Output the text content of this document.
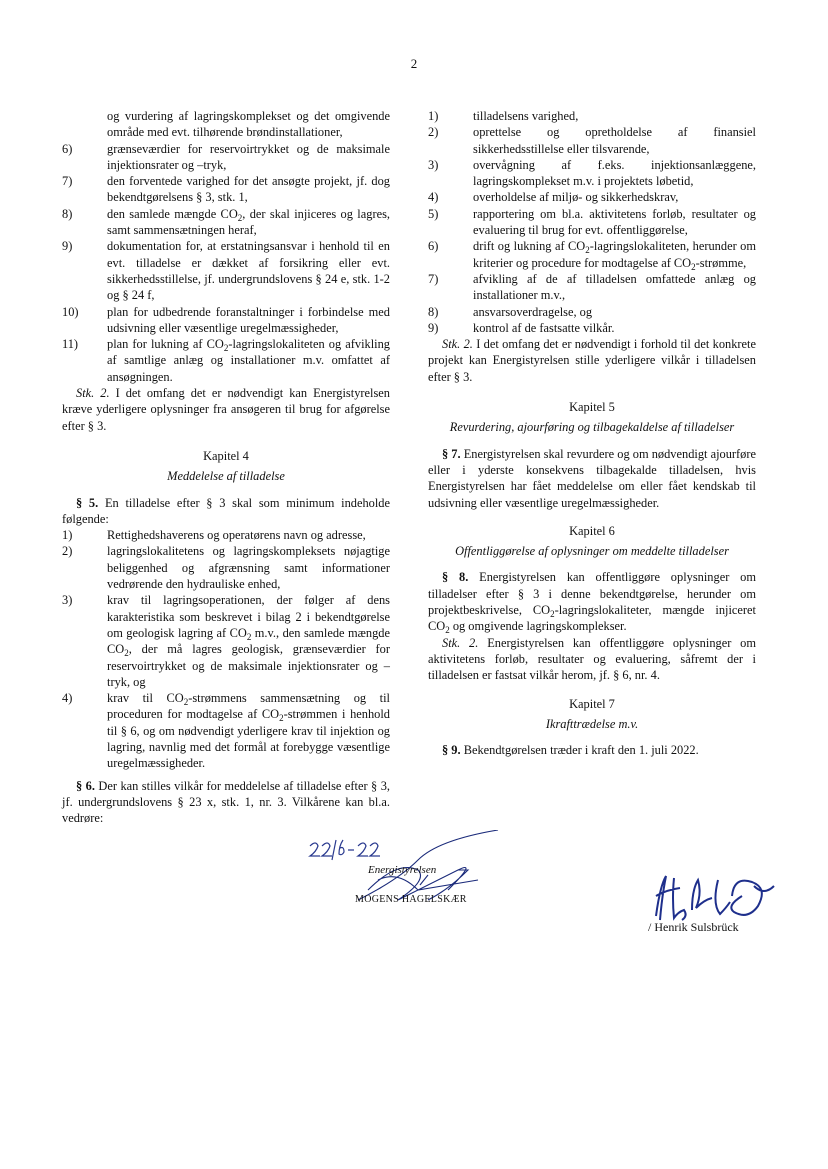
2
og vurdering af lagringskomplekset og det omgivende område med evt. tilhørende brøndinstallationer,
6)	grænseværdier for reservoirtrykket og de maksimale injektionsrater og –tryk,
7)	den forventede varighed for det ansøgte projekt, jf. dog bekendtgørelsens § 3, stk. 1,
8)	den samlede mængde $CO_2$, der skal injiceres og lagres, samt sammensætningen heraf,
9)	dokumentation for, at erstatningsansvar i henhold til en evt. tilladelse er dækket af forsikring eller evt. sikkerhedsstillelse, jf. undergrundslovens § 24 e, stk. 1-2 og § 24 f,
10)	plan for udbedrende foranstaltninger i forbindelse med udsivning eller væsentlige uregelmæssigheder,
11)	plan for lukning af $CO_2$-lagringslokaliteten og afvikling af samtlige anlæg og installationer m.v. omfattet af ansøgningen.
Stk. 2. I det omfang det er nødvendigt kan Energistyrelsen kræve yderligere oplysninger fra ansøgeren til brug for afgørelse efter § 3.
Kapitel 4
Meddelelse af tilladelse
§ 5. En tilladelse efter § 3 skal som minimum indeholde følgende:
1)	Rettighedshaverens og operatørens navn og adresse,
2)	lagringslokalitetens og lagringskompleksets nøjagtige beliggenhed og afgrænsning samt informationer vedrørende den hydrauliske enhed,
3)	krav til lagringsoperationen, der følger af dens karakteristika som beskrevet i bilag 2 i bekendtgørelse om geologisk lagring af $CO_2$ m.v., den samlede mængde $CO_2$, der må lagres geologisk, grænseværdier for reservoirtrykket og de maksimale injektionsrater og –tryk, og
4)	krav til $CO_2$-strømmens sammensætning og til proceduren for modtagelse af $CO_2$-strømmen i henhold til § 6, og om nødvendigt yderligere krav til injektion og lagring, navnlig med det formål at forebygge væsentlige uregelmæssigheder.
§ 6. Der kan stilles vilkår for meddelelse af tilladelse efter § 3, jf. undergrundslovens § 23 x, stk. 1, nr. 3. Vilkårene kan bl.a. vedrøre:
1)	tilladelsens varighed,
2)	oprettelse og opretholdelse af finansiel sikkerhedsstillelse eller tilsvarende,
3)	overvågning af f.eks. injektionsanlæggene, lagringskomplekset m.v. i projektets løbetid,
4)	overholdelse af miljø- og sikkerhedskrav,
5)	rapportering om bl.a. aktivitetens forløb, resultater og evaluering til brug for evt. offentliggørelse,
6)	drift og lukning af $CO_2$-lagringslokaliteten, herunder om kriterier og procedure for modtagelse af $CO_2$-strømme,
7)	afvikling af de af tilladelsen omfattede anlæg og installationer m.v.,
8)	ansvarsoverdragelse, og
9)	kontrol af de fastsatte vilkår.
Stk. 2. I det omfang det er nødvendigt i forhold til det konkrete projekt kan Energistyrelsen stille yderligere vilkår i tilladelsen efter § 3.
Kapitel 5
Revurdering, ajourføring og tilbagekaldelse af tilladelser
§ 7. Energistyrelsen skal revurdere og om nødvendigt ajourføre eller i yderste konsekvens tilbagekalde tilladelsen, hvis Energistyrelsen har fået meddelelse om eller fået kendskab til udsivning eller væsentlige uregelmæssigheder.
Kapitel 6
Offentliggørelse af oplysninger om meddelte tilladelser
§ 8. Energistyrelsen kan offentliggøre oplysninger om tilladelser efter § 3 i denne bekendtgørelse, herunder om projektbeskrivelse, $CO_2$-lagringslokaliteter, mængde injiceret $CO_2$ og omgivende lagringskomplekser.
Stk. 2. Energistyrelsen kan offentliggøre oplysninger om aktivitetens forløb, resultater og evaluering, såfremt der i tilladelsen er fastsat vilkår herom, jf. § 6, nr. 4.
Kapitel 7
Ikrafttrædelse m.v.
§ 9. Bekendtgørelsen træder i kraft den 1. juli 2022.
Energistyrelsen
MOGENS HAGELSKÆR
/ Henrik Sulsbrück
